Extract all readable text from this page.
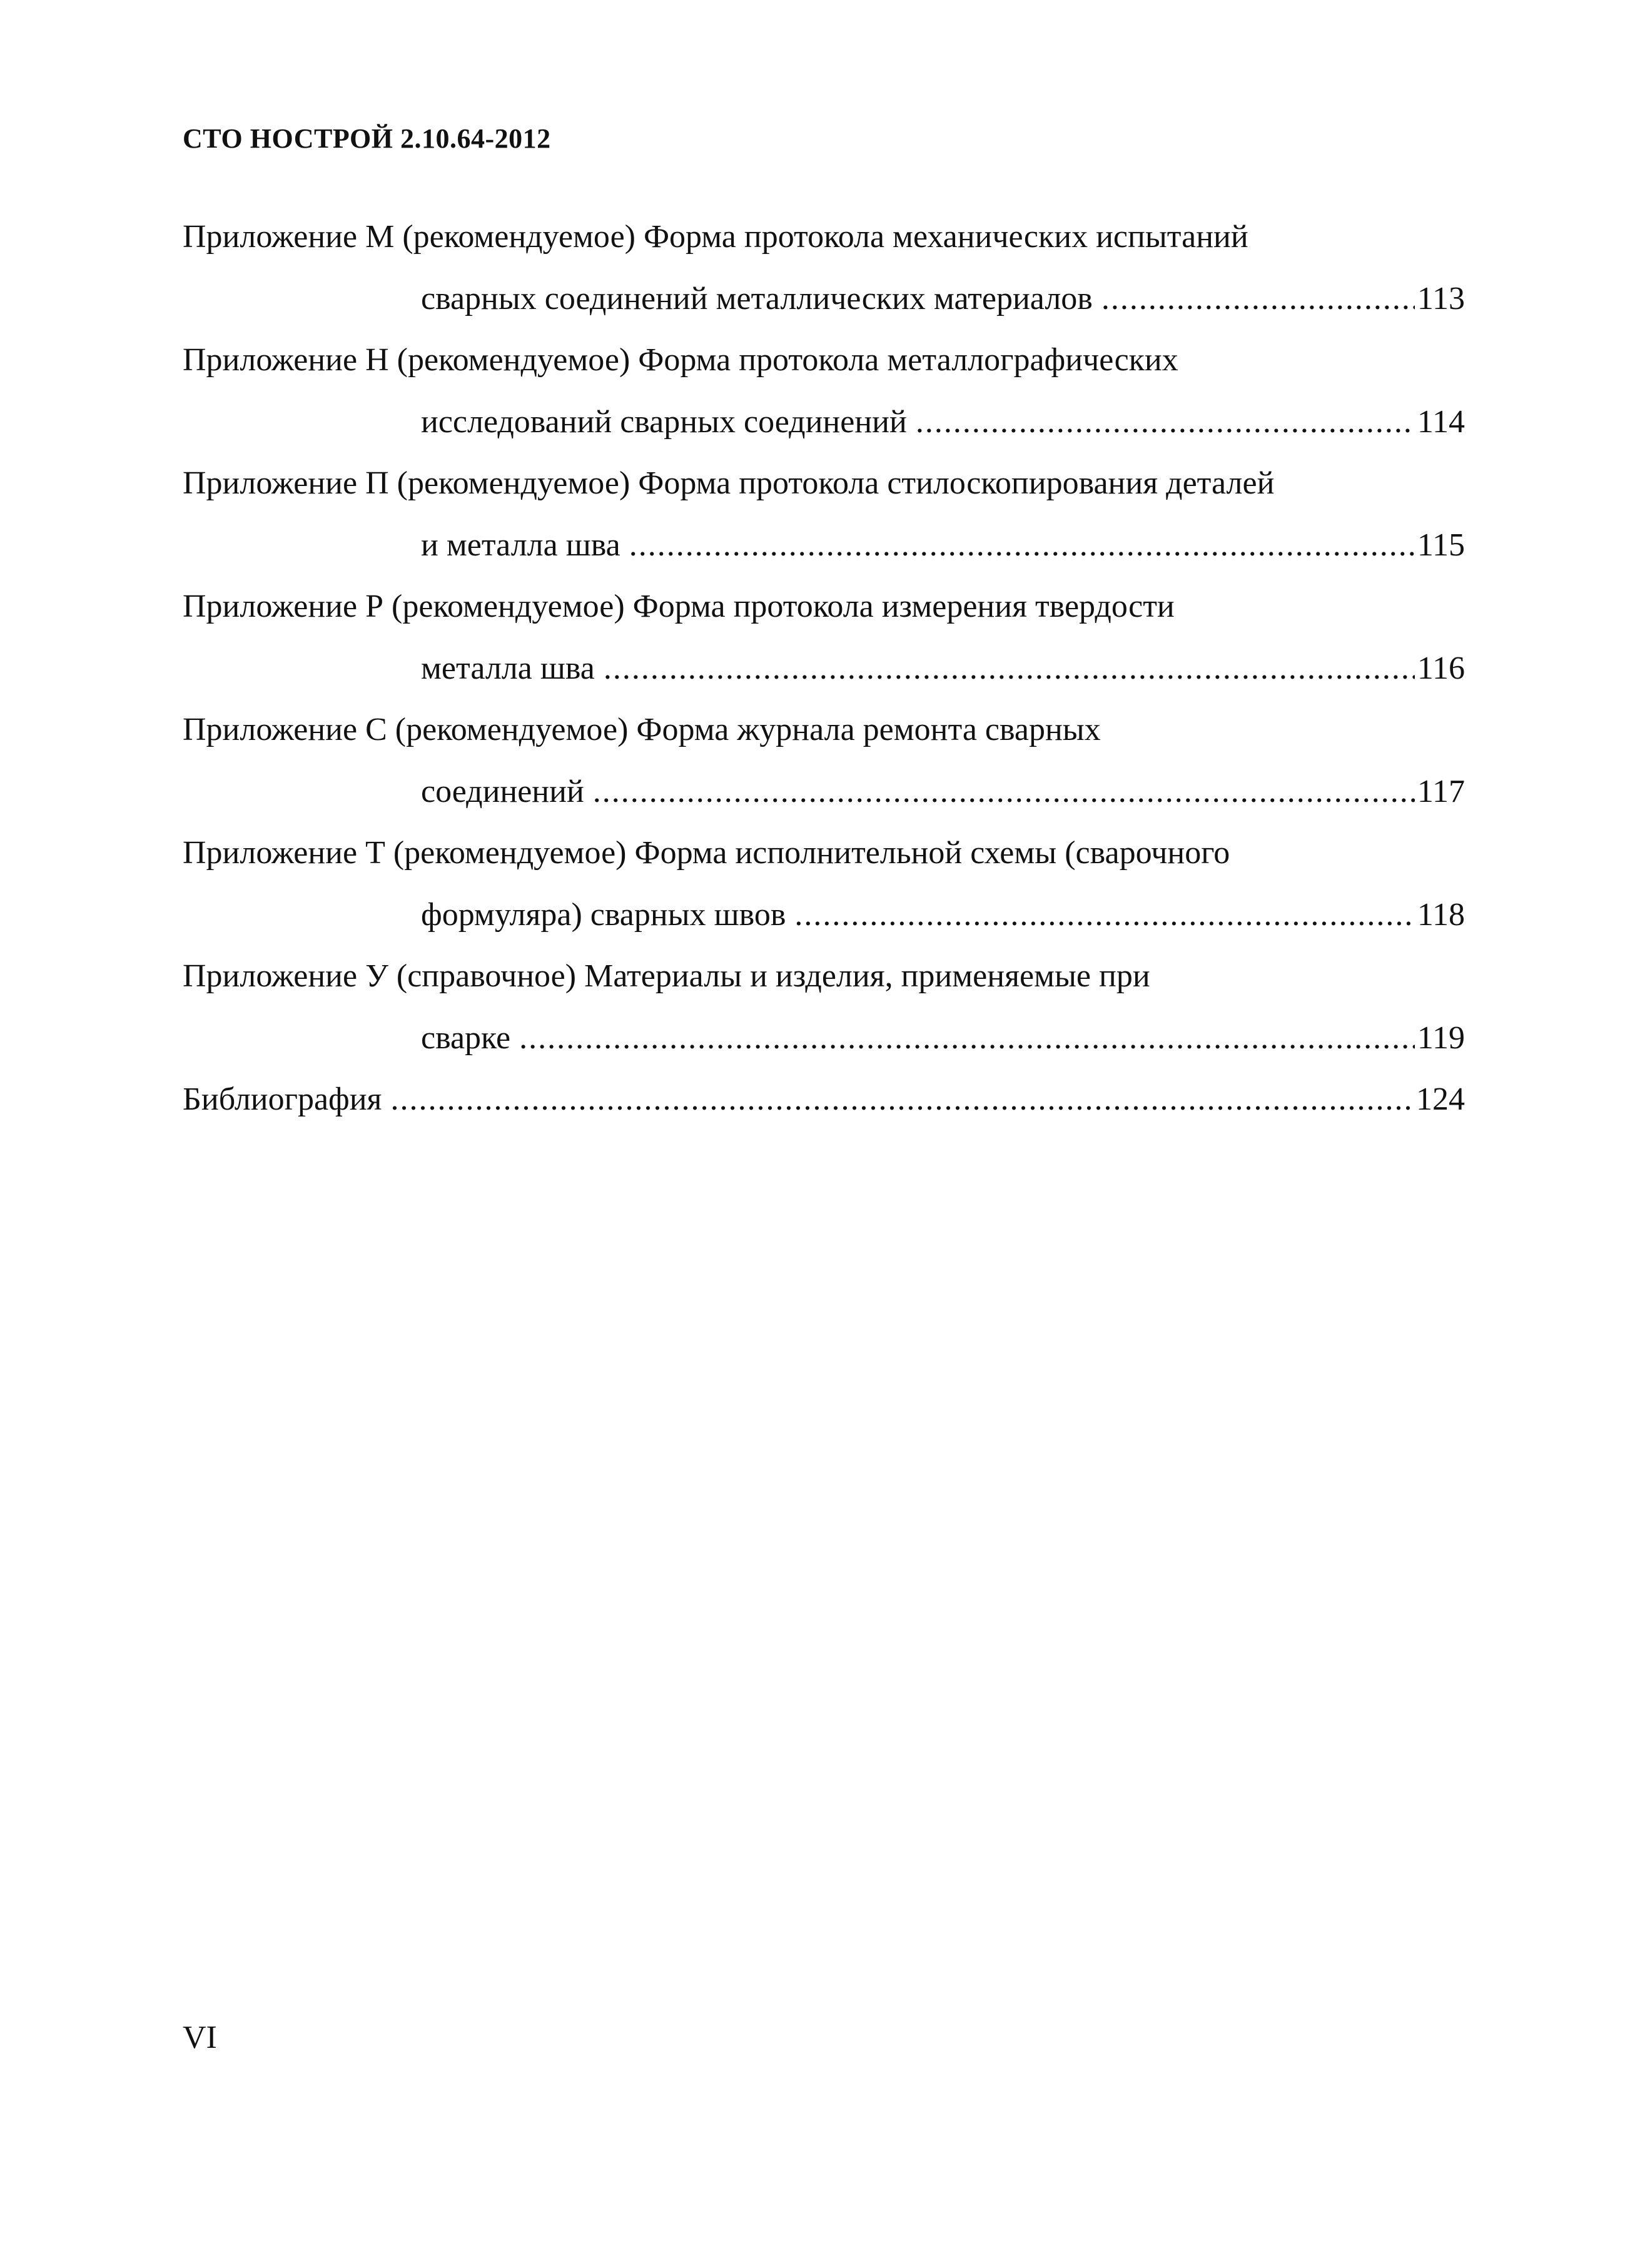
СТО НОСТРОЙ 2.10.64-2012
Приложение М (рекомендуемое) Форма протокола механических испытаний
сварных соединений металлических материалов .....	113
Приложение Н (рекомендуемое) Форма протокола металлографических
исследований сварных соединений .....	114
Приложение П (рекомендуемое) Форма протокола стилоскопирования деталей
и металла шва .....	115
Приложение Р (рекомендуемое) Форма протокола измерения твердости
металла шва .....	116
Приложение С (рекомендуемое) Форма журнала ремонта сварных
соединений .....	117
Приложение Т (рекомендуемое) Форма исполнительной схемы (сварочного
формуляра) сварных швов .....	118
Приложение У (справочное) Материалы и изделия, применяемые при
сварке .....	119
Библиография .....	124
VI
